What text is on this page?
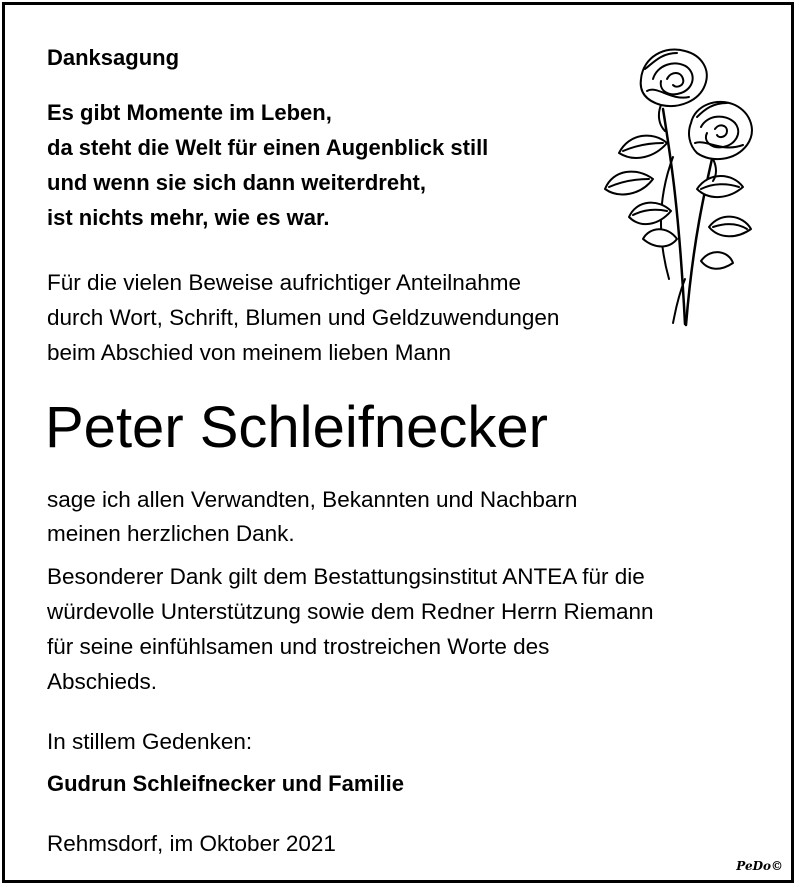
Danksagung

Es gibt Momente im Leben,
da steht die Welt für einen Augenblick still
und wenn sie sich dann weiterdreht,
ist nichts mehr, wie es war.

Für die vielen Beweise aufrichtiger Anteilnahme
durch Wort, Schrift, Blumen und Geldzuwendungen
beim Abschied von meinem lieben Mann

Peter Schleifnecker

sage ich allen Verwandten, Bekannten und Nachbarn
meinen herzlichen Dank.

Besonderer Dank gilt dem Bestattungsinstitut ANTEA für die
würdevolle Unterstützung sowie dem Redner Herrn Riemann
für seine einfühlsamen und trostreichen Worte des
Abschieds.

In stillem Gedenken:

Gudrun Schleifnecker und Familie

Rehmsdorf, im Oktober 2021

PeDo©
